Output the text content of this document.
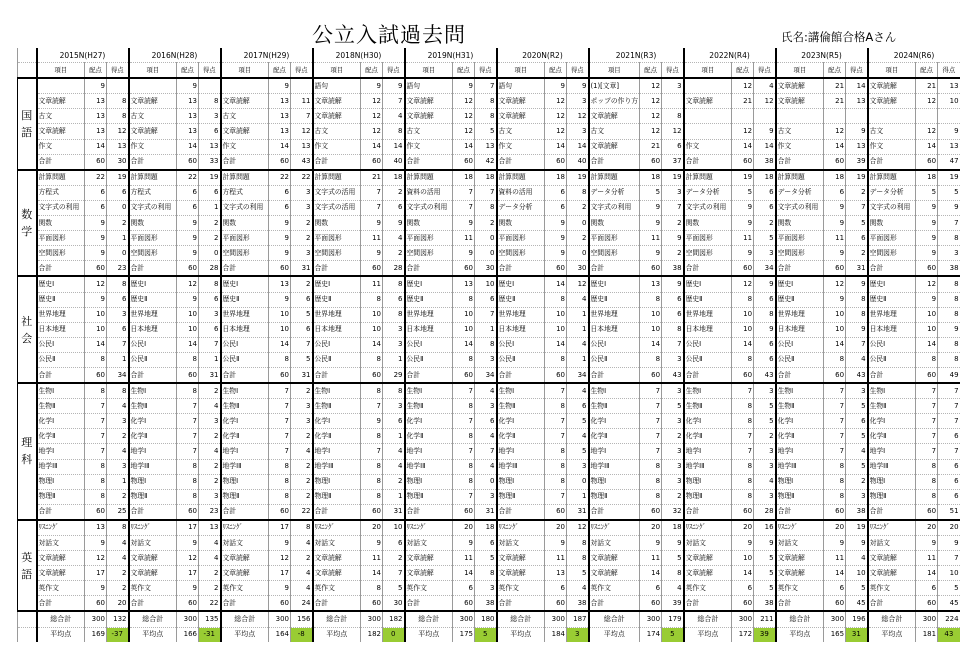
公立入試過去問	氏名:講倫館合格Aさん
	2015N(H27)			2016N(H28)			2017N(H29)			2018N(H30)			2019N(H31)			2020N(R2)			2021N(R3)			2022N(R4)			2023N(R5)			2024N(R6)		
	項目	配点	得点	項目	配点	得点	項目	配点	得点	項目	配点	得点	項目	配点	得点	項目	配点	得点	項目	配点	得点	項目	配点	得点	項目	配点	得点	項目	配点	得点
国語		9			9			9		語句	9	9	語句	9	7	語句	9	9	(1)[文章]	12	3		12	4	文章読解	21	14	文章読解	21	13
	文章読解	13	8	文章読解	13	8	文章読解	13	11	文章読解	12	7	文章読解	12	8	文章読解	12	3	ポップの作り方	12		文章読解	21	12	文章読解	21	13	文章読解	12	10
	古文	13	8	古文	13	3	古文	13	7	文章読解	12	4	文章読解	12	8	文章読解	12	12	文章読解	12	8									
	文章読解	13	12	文章読解	13	6	文章読解	13	12	古文	12	8	古文	12	5	古文	12	3	古文	12	12		12	9	古文	12	9	古文	12	9
	作文	14	13	作文	14	13	作文	14	13	作文	14	14	作文	14	13	作文	14	14	文章読解	21	6	作文	14	14	作文	14	13	作文	14	13
	合計	60	30	合計	60	33	合計	60	43	合計	60	40	合計	60	42	合計	60	40	合計	60	37	合計	60	38	合計	60	39	合計	60	47
数学	計算問題	22	19	計算問題	22	19	計算問題	22	22	計算問題	21	18	計算問題	18	18	計算問題	18	19	計算問題	18	19	計算問題	19	18	計算問題	18	19	計算問題	18	19
	方程式	6	6	方程式	6	6	方程式	6	3	文字式の活用	7	2	資料の活用	7	7	資料の活用	6	8	データ分析	5	3	データ分析	5	6	データ分析	6	2	データ分析	5	5
	文字式の利用	6	0	文字式の利用	6	1	文字式の利用	6	3	文字式の活用	7	6	文字式の利用	7	8	データ分析	6	2	文字式の利用	9	7	文字式の利用	9	6	文字式の利用	9	7	文字式の利用	9	9
	関数	9	2	関数	9	2	関数	9	2	関数	9	9	関数	9	2	関数	9	0	関数	9	2	関数	9	2	関数	9	5	関数	9	7
	平面図形	9	1	平面図形	9	2	平面図形	9	2	平面図形	11	4	平面図形	11	0	平面図形	9	2	平面図形	11	9	平面図形	11	5	平面図形	11	6	平面図形	9	8
	空間図形	9	0	空間図形	9	0	空間図形	9	3	空間図形	9	2	空間図形	9	0	空間図形	9	0	空間図形	9	2	空間図形	9	3	空間図形	9	2	空間図形	9	3
	合計	60	23	合計	60	28	合計	60	31	合計	60	28	合計	60	30	合計	60	30	合計	60	38	合計	60	34	合計	60	31	合計	60	38
社会	歴史Ⅰ	12	8	歴史Ⅰ	12	8	歴史Ⅰ	13	2	歴史Ⅰ	11	8	歴史Ⅰ	13	10	歴史Ⅰ	14	12	歴史Ⅰ	13	9	歴史Ⅰ	12	9	歴史Ⅰ	12	9	歴史Ⅰ	12	8
	歴史Ⅱ	9	6	歴史Ⅱ	9	6	歴史Ⅱ	9	6	歴史Ⅱ	8	6	歴史Ⅱ	8	6	歴史Ⅱ	8	4	歴史Ⅱ	8	6	歴史Ⅱ	8	6	歴史Ⅱ	9	8	歴史Ⅱ	9	8
	世界地理	10	3	世界地理	10	3	世界地理	10	5	世界地理	10	8	世界地理	10	7	世界地理	10	1	世界地理	10	6	世界地理	10	8	世界地理	10	8	世界地理	10	8
	日本地理	10	6	日本地理	10	6	日本地理	10	6	日本地理	10	3	日本地理	10	1	日本地理	10	1	日本地理	10	8	日本地理	10	9	日本地理	10	9	日本地理	10	9
	公民Ⅰ	14	7	公民Ⅰ	14	7	公民Ⅰ	14	7	公民Ⅰ	14	3	公民Ⅰ	14	8	公民Ⅰ	14	4	公民Ⅰ	14	7	公民Ⅰ	14	6	公民Ⅰ	14	7	公民Ⅰ	14	8
	公民Ⅱ	8	1	公民Ⅱ	8	1	公民Ⅱ	8	5	公民Ⅱ	8	1	公民Ⅱ	8	3	公民Ⅱ	8	1	公民Ⅱ	8	3	公民Ⅱ	8	6	公民Ⅱ	8	4	公民Ⅱ	8	8
	合計	60	34	合計	60	31	合計	60	31	合計	60	29	合計	60	34	合計	60	34	合計	60	43	合計	60	43	合計	60	43	合計	60	49
理科	生物Ⅰ	8	8	生物Ⅰ	8	2	生物Ⅰ	7	2	生物Ⅰ	8	8	生物Ⅰ	7	4	生物Ⅰ	7	4	生物Ⅰ	7	3	生物Ⅰ	7	3	生物Ⅰ	7	3	生物Ⅰ	7	7
	生物Ⅱ	7	4	生物Ⅱ	7	4	生物Ⅱ	7	3	生物Ⅱ	7	3	生物Ⅱ	8	3	生物Ⅱ	8	6	生物Ⅱ	7	5	生物Ⅱ	8	5	生物Ⅱ	7	5	生物Ⅱ	7	7
	化学Ⅰ	7	3	化学Ⅰ	7	3	化学Ⅰ	7	3	化学Ⅰ	9	6	化学Ⅰ	7	6	化学Ⅰ	7	5	化学Ⅰ	7	3	化学Ⅰ	8	5	化学Ⅰ	7	6	化学Ⅰ	7	7
	化学Ⅱ	7	2	化学Ⅱ	7	2	化学Ⅱ	7	2	化学Ⅱ	8	1	化学Ⅱ	8	4	化学Ⅱ	7	4	化学Ⅱ	7	2	化学Ⅱ	7	2	化学Ⅱ	7	5	化学Ⅱ	7	6
	地学Ⅰ	7	4	地学Ⅰ	7	4	地学Ⅰ	7	4	地学Ⅰ	7	4	地学Ⅰ	7	7	地学Ⅰ	8	5	地学Ⅰ	7	3	地学Ⅰ	7	3	地学Ⅰ	7	4	地学Ⅰ	7	7
	地学ⅠⅡ	8	3	地学ⅠⅡ	8	2	地学ⅠⅡ	8	2	地学ⅠⅡ	8	4	地学ⅠⅡ	8	4	地学ⅠⅡ	8	3	地学ⅠⅡ	8	3	地学ⅠⅡ	8	3	地学ⅠⅡ	8	5	地学ⅠⅡ	8	6
	物理Ⅰ	8	1	物理Ⅰ	8	2	物理Ⅰ	8	2	物理Ⅰ	8	2	物理Ⅰ	8	0	物理Ⅰ	8	0	物理Ⅰ	8	3	物理Ⅰ	8	4	物理Ⅰ	8	2	物理Ⅰ	8	6
	物理Ⅱ	8	2	物理Ⅱ	8	3	物理Ⅱ	8	2	物理Ⅱ	8	1	物理Ⅱ	7	3	物理Ⅱ	7	1	物理Ⅱ	8	2	物理Ⅱ	8	3	物理Ⅱ	8	3	物理Ⅱ	8	6
	合計	60	25	合計	60	23	合計	60	22	合計	60	31	合計	60	31	合計	60	31	合計	60	32	合計	60	28	合計	60	38	合計	60	51
英語	ﾘｽﾆﾝｸﾞ	13	8	ﾘｽﾆﾝｸﾞ	17	13	ﾘｽﾆﾝｸﾞ	17	8	ﾘｽﾆﾝｸﾞ	20	10	ﾘｽﾆﾝｸﾞ	20	18	ﾘｽﾆﾝｸﾞ	20	12	ﾘｽﾆﾝｸﾞ	20	18	ﾘｽﾆﾝｸﾞ	20	16	ﾘｽﾆﾝｸﾞ	20	19	ﾘｽﾆﾝｸﾞ	20	20
	対話文	9	4	対話文	9	4	対話文	9	4	対話文	9	6	対話文	9	6	対話文	9	8	対話文	9	9	対話文	9	9	対話文	9	9	対話文	9	9
	文章読解	12	4	文章読解	12	4	文章読解	12	2	文章読解	11	2	文章読解	11	5	文章読解	11	8	文章読解	11	5	文章読解	10	5	文章読解	11	4	文章読解	11	7
	文章読解	17	2	文章読解	17	2	文章読解	17	4	文章読解	14	7	文章読解	14	8	文章読解	13	5	文章読解	14	8	文章読解	14	5	文章読解	14	10	文章読解	14	10
	英作文	9	2	英作文	9	2	英作文	9	4	英作文	8	5	英作文	6	3	英作文	6	4	英作文	6	4	英作文	6	5	英作文	6	5	英作文	6	5
	合計	60	20	合計	60	22	合計	60	24	合計	60	30	合計	60	38	合計	60	38	合計	60	39	合計	60	38	合計	60	45	合計	60	45
	総合計	300	132	総合計	300	135	総合計	300	156	総合計	300	182	総合計	300	180	総合計	300	187	総合計	300	179	総合計	300	211	総合計	300	196	総合計	300	224
	平均点	169	-37	平均点	166	-31	平均点	164	-8	平均点	182	0	平均点	175	5	平均点	184	3	平均点	174	5	平均点	172	39	平均点	165	31	平均点	181	43
